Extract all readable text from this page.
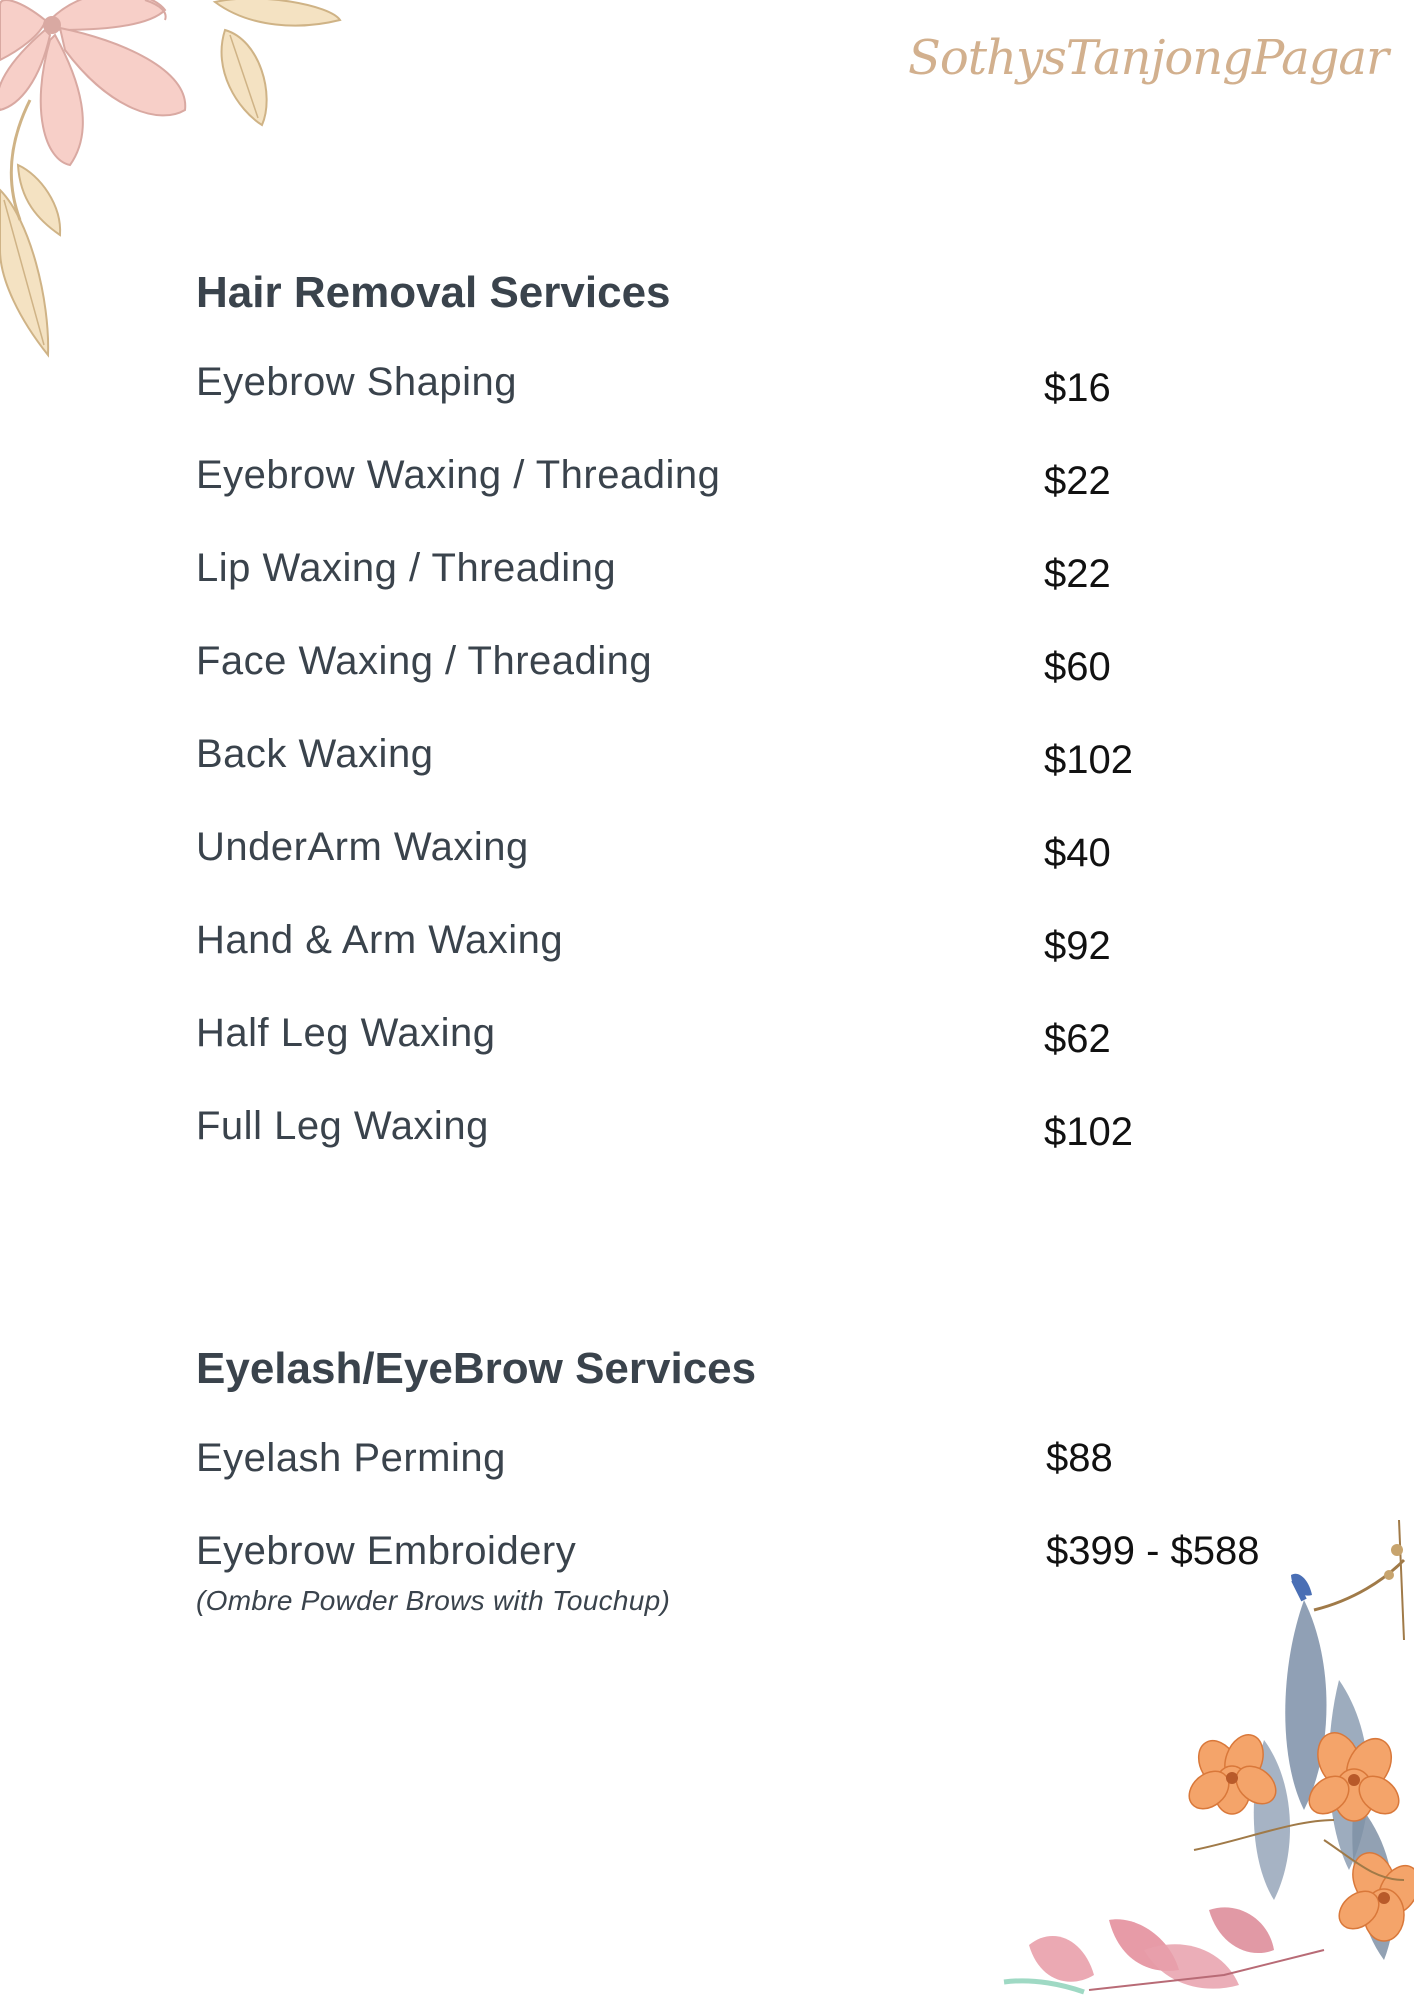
SothysTanjongPagar
Hair Removal Services
Eyebrow Shaping	$16
Eyebrow Waxing / Threading	$22
Lip Waxing / Threading	$22
Face Waxing / Threading	$60
Back Waxing	$102
UnderArm Waxing	$40
Hand & Arm Waxing	$92
Half Leg Waxing	$62
Full Leg Waxing	$102
Eyelash/EyeBrow Services
Eyelash Perming	$88
Eyebrow Embroidery	$399 - $588
(Ombre Powder Brows with Touchup)
